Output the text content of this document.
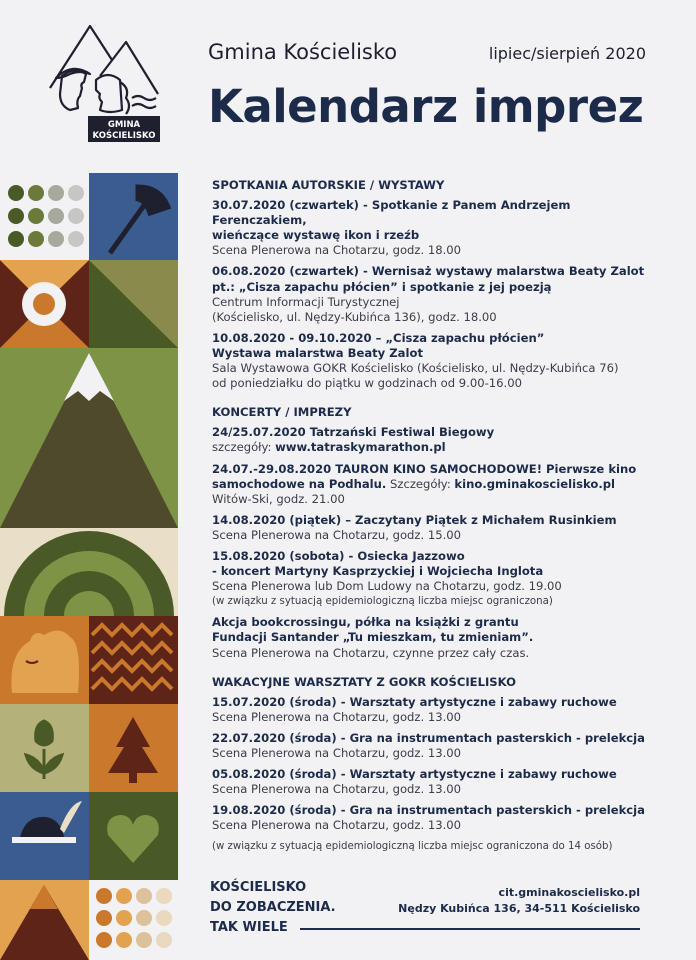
GMINA
KOŚCIELISKO
Gmina Kościelisko	lipiec/sierpień 2020
Kalendarz imprez
SPOTKANIA AUTORSKIE / WYSTAWY
30.07.2020 (czwartek) - Spotkanie z Panem Andrzejem Ferenczakiem,
wieńczące wystawę ikon i rzeźb
Scena Plenerowa na Chotarzu, godz. 18.00
06.08.2020 (czwartek) - Wernisaż wystawy malarstwa Beaty Zalot
pt.: „Cisza zapachu płócien” i spotkanie z jej poezją
Centrum Informacji Turystycznej
(Kościelisko, ul. Nędzy-Kubińca 136), godz. 18.00
10.08.2020 - 09.10.2020 – „Cisza zapachu płócien”
Wystawa malarstwa Beaty Zalot
Sala Wystawowa GOKR Kościelisko (Kościelisko, ul. Nędzy-Kubińca 76)
od poniedziałku do piątku w godzinach od 9.00-16.00
KONCERTY / IMPREZY
24/25.07.2020 Tatrzański Festiwal Biegowy
szczegóły: www.tatraskymarathon.pl
24.07.-29.08.2020 TAURON KINO SAMOCHODOWE! Pierwsze kino
samochodowe na Podhalu. Szczegóły: kino.gminakoscielisko.pl
Witów-Ski, godz. 21.00
14.08.2020 (piątek) – Zaczytany Piątek z Michałem Rusinkiem
Scena Plenerowa na Chotarzu, godz. 15.00
15.08.2020 (sobota) - Osiecka Jazzowo
- koncert Martyny Kasprzyckiej i Wojciecha Inglota
Scena Plenerowa lub Dom Ludowy na Chotarzu, godz. 19.00
(w związku z sytuacją epidemiologiczną liczba miejsc ograniczona)
Akcja bookcrossingu, półka na książki z grantu
Fundacji Santander „Tu mieszkam, tu zmieniam”.
Scena Plenerowa na Chotarzu, czynne przez cały czas.
WAKACYJNE WARSZTATY Z GOKR KOŚCIELISKO
15.07.2020 (środa) - Warsztaty artystyczne i zabawy ruchowe
Scena Plenerowa na Chotarzu, godz. 13.00
22.07.2020 (środa) - Gra na instrumentach pasterskich - prelekcja
Scena Plenerowa na Chotarzu, godz. 13.00
05.08.2020 (środa) - Warsztaty artystyczne i zabawy ruchowe
Scena Plenerowa na Chotarzu, godz. 13.00
19.08.2020 (środa) - Gra na instrumentach pasterskich - prelekcja
Scena Plenerowa na Chotarzu, godz. 13.00
(w związku z sytuacją epidemiologiczną liczba miejsc ograniczona do 14 osób)
KOŚCIELISKO
DO ZOBACZENIA.
TAK WIELE
cit.gminakoscielisko.pl
Nędzy Kubińca 136, 34-511 Kościelisko
